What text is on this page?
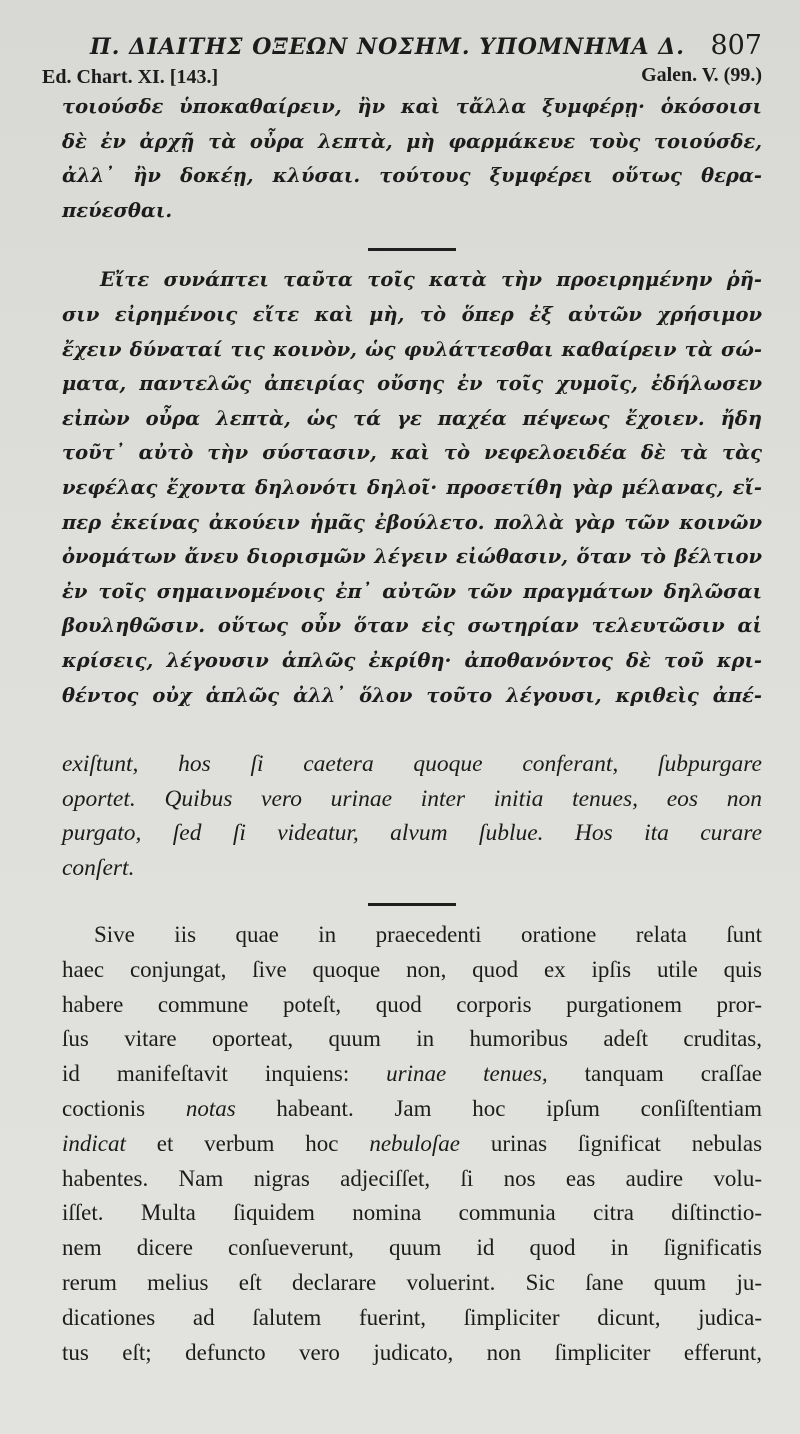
Π. ΔΙΑΙΤΗΣ ΟΞΕΩΝ ΝΟΣΗΜ. ΥΠΟΜΝΗΜΑ Δ. 807
Ed. Chart. XI. [143.]	Galen. V. (99.)
τοιούσδε ὑποκαθαίρειν, ἢν καὶ τἄλλα ξυμφέρῃ· ὁκόσοισι
δὲ ἐν ἀρχῇ τὰ οὖρα λεπτὰ, μὴ φαρμάκευε τοὺς τοιούσδε,
ἀλλ᾽ ἢν δοκέῃ, κλύσαι. τούτους ξυμφέρει οὕτως θερα-
πεύεσθαι.
Εἴτε συνάπτει ταῦτα τοῖς κατὰ τὴν προειρημένην ῥῆ-
σιν εἰρημένοις εἴτε καὶ μὴ, τὸ ὅπερ ἐξ αὐτῶν χρήσιμον
ἔχειν δύναταί τις κοινὸν, ὡς φυλάττεσθαι καθαίρειν τὰ σώ-
ματα, παντελῶς ἀπειρίας οὔσης ἐν τοῖς χυμοῖς, ἐδήλωσεν
εἰπὼν οὖρα λεπτὰ, ὡς τά γε παχέα πέψεως ἔχοιεν. ἤδη
τοῦτ᾽ αὐτὸ τὴν σύστασιν, καὶ τὸ νεφελοειδέα δὲ τὰ τὰς
νεφέλας ἔχοντα δηλονότι δηλοῖ· προσετίθη γὰρ μέλανας, εἴ-
περ ἐκείνας ἀκούειν ἡμᾶς ἐβούλετο. πολλὰ γὰρ τῶν κοινῶν
ὀνομάτων ἄνευ διορισμῶν λέγειν εἰώθασιν, ὅταν τὸ βέλτιον
ἐν τοῖς σημαινομένοις ἐπ᾽ αὐτῶν τῶν πραγμάτων δηλῶσαι
βουληθῶσιν. οὕτως οὖν ὅταν εἰς σωτηρίαν τελευτῶσιν αἱ
κρίσεις, λέγουσιν ἁπλῶς ἐκρίθη· ἀποθανόντος δὲ τοῦ κρι-
θέντος οὐχ ἁπλῶς ἀλλ᾽ ὅλον τοῦτο λέγουσι, κριθεὶς ἀπέ-
exiſtunt, hos ſi caetera quoque conferant, ſubpurgare
oportet. Quibus vero urinae inter initia tenues, eos non
purgato, ſed ſi videatur, alvum ſublue. Hos ita curare
conſert.
Sive iis quae in praecedenti oratione relata ſunt
haec conjungat, ſive quoque non, quod ex ipſis utile quis
habere commune poteſt, quod corporis purgationem pror-
ſus vitare oporteat, quum in humoribus adeſt cruditas,
id manifeſtavit inquiens: urinae tenues, tanquam craſſae
coctionis notas habeant. Jam hoc ipſum conſiſtentiam
indicat et verbum hoc nebuloſae urinas ſignificat nebulas
habentes. Nam nigras adjeciſſet, ſi nos eas audire volu-
iſſet. Multa ſiquidem nomina communia citra diſtinctio-
nem dicere conſueverunt, quum id quod in ſignificatis
rerum melius eſt declarare voluerint. Sic ſane quum ju-
dicationes ad ſalutem fuerint, ſimpliciter dicunt, judica-
tus eſt; defuncto vero judicato, non ſimpliciter efferunt,
